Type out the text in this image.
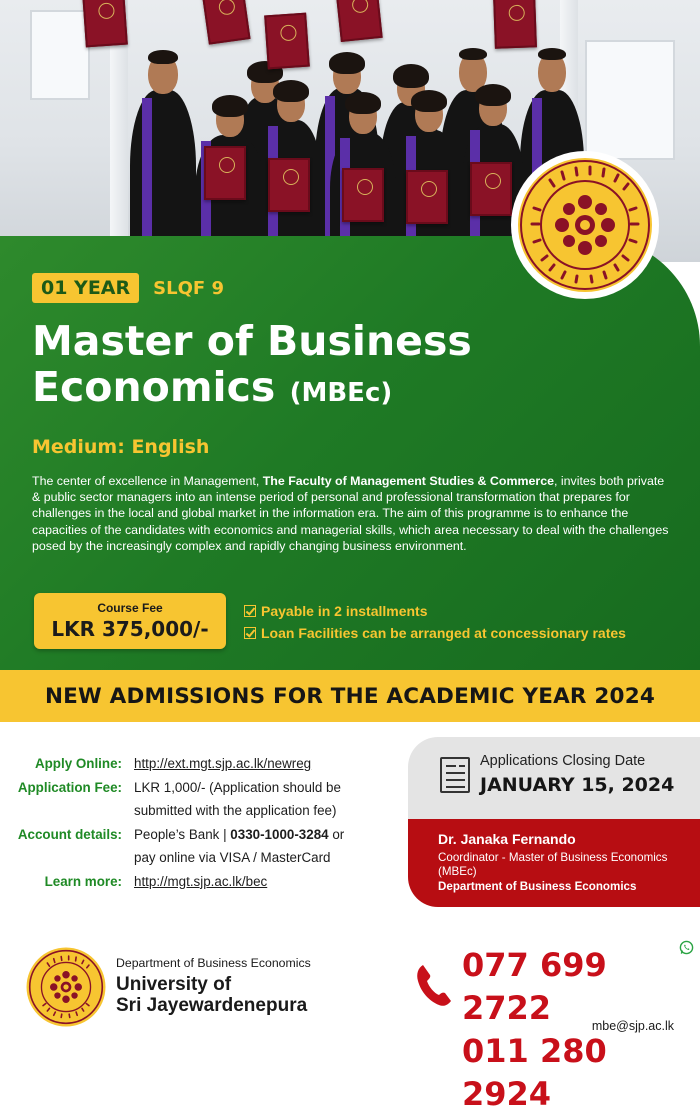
01 YEAR	SLQF 9
Master of Business
Economics (MBEc)
Medium: English
The center of excellence in Management, The Faculty of Management Studies & Commerce, invites both private & public sector managers into an intense period of personal and professional transformation that prepares for challenges in the local and global market in the information era. The aim of this programme is to enhance the capacities of the candidates with economics and managerial skills, which area necessary to deal with the challenges posed by the increasingly complex and rapidly changing business environment.
Course Fee
LKR 375,000/-
Payable in 2 installments
Loan Facilities can be arranged at concessionary rates
NEW ADMISSIONS FOR THE ACADEMIC YEAR 2024
Apply Online: http://ext.mgt.sjp.ac.lk/newreg
Application Fee: LKR 1,000/- (Application should be
submitted with the application fee)
Account details: People’s Bank | 0330-1000-3284 or
pay online via VISA / MasterCard
Learn more: http://mgt.sjp.ac.lk/bec
Applications Closing Date
JANUARY 15, 2024
Dr. Janaka Fernando
Coordinator - Master of Business Economics (MBEc)
Department of Business Economics
Department of Business Economics
University of
Sri Jayewardenepura
077 699 2722
011 280 2924
mbe@sjp.ac.lk
